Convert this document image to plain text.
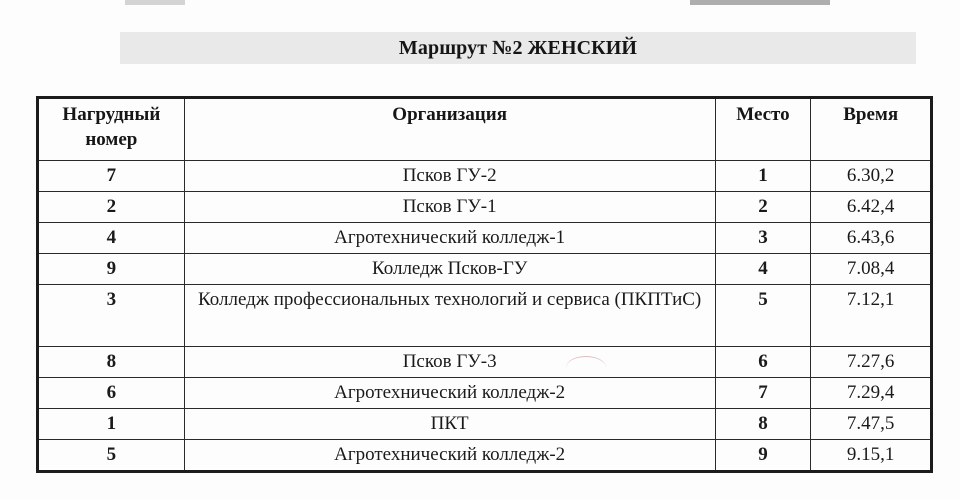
Маршрут №2 ЖЕНСКИЙ
Нагрудный номер	Организация	Место	Время
7	Псков ГУ-2	1	6.30,2
2	Псков ГУ-1	2	6.42,4
4	Агротехнический колледж-1	3	6.43,6
9	Колледж Псков-ГУ	4	7.08,4
3	Колледж профессиональных технологий и сервиса (ПКПТиС)	5	7.12,1
8	Псков ГУ-3	6	7.27,6
6	Агротехнический колледж-2	7	7.29,4
1	ПКТ	8	7.47,5
5	Агротехнический колледж-2	9	9.15,1
